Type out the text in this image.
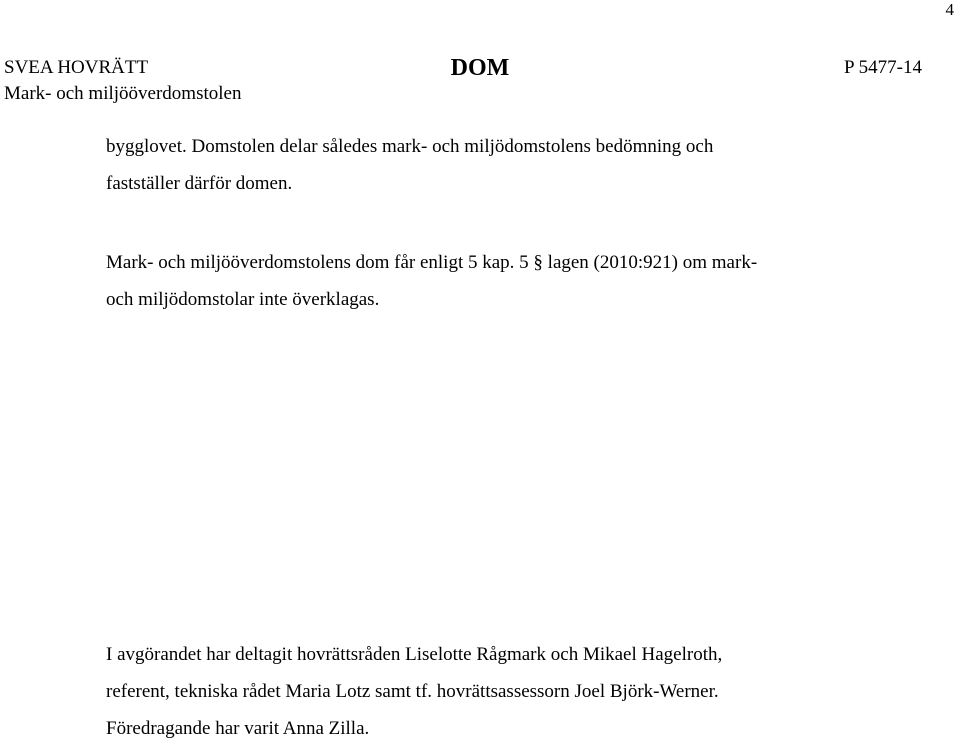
4
SVEA HOVRÄTT
Mark- och miljööverdomstolen
DOM	P 5477-14
bygglovet. Domstolen delar således mark- och miljödomstolens bedömning och
fastställer därför domen.
Mark- och miljööverdomstolens dom får enligt 5 kap. 5 § lagen (2010:921) om mark-
och miljödomstolar inte överklagas.
I avgörandet har deltagit hovrättsråden Liselotte Rågmark och Mikael Hagelroth,
referent, tekniska rådet Maria Lotz samt tf. hovrättsassessorn Joel Björk-Werner.
Föredragande har varit Anna Zilla.
